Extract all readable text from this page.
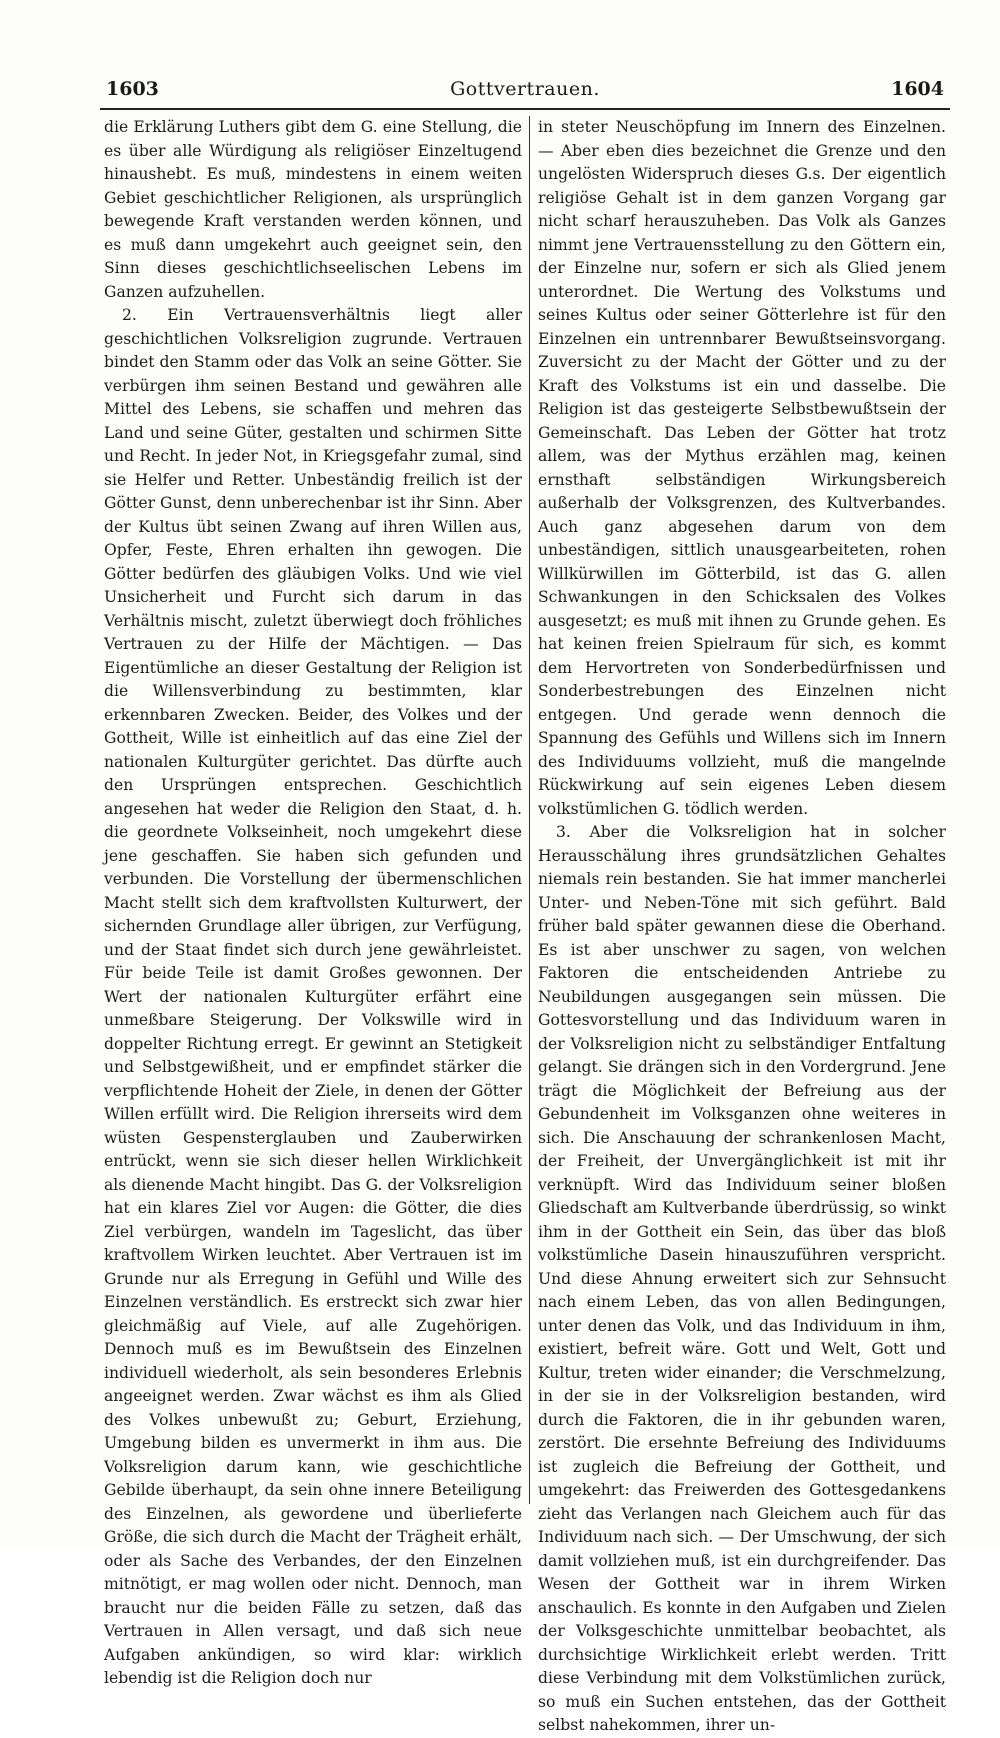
1603	Gottvertrauen.	1604

die Erklärung Luthers gibt dem G. eine Stellung, die es über alle Würdigung als religiöser Einzeltugend hinaushebt. Es muß, mindestens in einem weiten Gebiet geschichtlicher Religionen, als ursprünglich bewegende Kraft verstanden werden können, und es muß dann umgekehrt auch geeignet sein, den Sinn dieses geschichtlichseelischen Lebens im Ganzen aufzuhellen.

2. Ein Vertrauensverhältnis liegt aller geschichtlichen Volksreligion zugrunde. Vertrauen bindet den Stamm oder das Volk an seine Götter. Sie verbürgen ihm seinen Bestand und gewähren alle Mittel des Lebens, sie schaffen und mehren das Land und seine Güter, gestalten und schirmen Sitte und Recht. In jeder Not, in Kriegsgefahr zumal, sind sie Helfer und Retter. Unbeständig freilich ist der Götter Gunst, denn unberechenbar ist ihr Sinn. Aber der Kultus übt seinen Zwang auf ihren Willen aus, Opfer, Feste, Ehren erhalten ihn gewogen. Die Götter bedürfen des gläubigen Volks. Und wie viel Unsicherheit und Furcht sich darum in das Verhältnis mischt, zuletzt überwiegt doch fröhliches Vertrauen zu der Hilfe der Mächtigen. — Das Eigentümliche an dieser Gestaltung der Religion ist die Willensverbindung zu bestimmten, klar erkennbaren Zwecken. Beider, des Volkes und der Gottheit, Wille ist einheitlich auf das eine Ziel der nationalen Kulturgüter gerichtet. Das dürfte auch den Ursprüngen entsprechen. Geschichtlich angesehen hat weder die Religion den Staat, d. h. die geordnete Volkseinheit, noch umgekehrt diese jene geschaffen. Sie haben sich gefunden und verbunden. Die Vorstellung der übermenschlichen Macht stellt sich dem kraftvollsten Kulturwert, der sichernden Grundlage aller übrigen, zur Verfügung, und der Staat findet sich durch jene gewährleistet. Für beide Teile ist damit Großes gewonnen. Der Wert der nationalen Kulturgüter erfährt eine unmeßbare Steigerung. Der Volkswille wird in doppelter Richtung erregt. Er gewinnt an Stetigkeit und Selbstgewißheit, und er empfindet stärker die verpflichtende Hoheit der Ziele, in denen der Götter Willen erfüllt wird. Die Religion ihrerseits wird dem wüsten Gespensterglauben und Zauberwirken entrückt, wenn sie sich dieser hellen Wirklichkeit als dienende Macht hingibt. Das G. der Volksreligion hat ein klares Ziel vor Augen: die Götter, die dies Ziel verbürgen, wandeln im Tageslicht, das über kraftvollem Wirken leuchtet. Aber Vertrauen ist im Grunde nur als Erregung in Gefühl und Wille des Einzelnen verständlich. Es erstreckt sich zwar hier gleichmäßig auf Viele, auf alle Zugehörigen. Dennoch muß es im Bewußtsein des Einzelnen individuell wiederholt, als sein besonderes Erlebnis angeeignet werden. Zwar wächst es ihm als Glied des Volkes unbewußt zu; Geburt, Erziehung, Umgebung bilden es unvermerkt in ihm aus. Die Volksreligion darum kann, wie geschichtliche Gebilde überhaupt, da sein ohne innere Beteiligung des Einzelnen, als gewordene und überlieferte Größe, die sich durch die Macht der Trägheit erhält, oder als Sache des Verbandes, der den Einzelnen mitnötigt, er mag wollen oder nicht. Dennoch, man braucht nur die beiden Fälle zu setzen, daß das Vertrauen in Allen versagt, und daß sich neue Aufgaben ankündigen, so wird klar: wirklich lebendig ist die Religion doch nur

in steter Neuschöpfung im Innern des Einzelnen. — Aber eben dies bezeichnet die Grenze und den ungelösten Widerspruch dieses G.s. Der eigentlich religiöse Gehalt ist in dem ganzen Vorgang gar nicht scharf herauszuheben. Das Volk als Ganzes nimmt jene Vertrauensstellung zu den Göttern ein, der Einzelne nur, sofern er sich als Glied jenem unterordnet. Die Wertung des Volkstums und seines Kultus oder seiner Götterlehre ist für den Einzelnen ein untrennbarer Bewußtseinsvorgang. Zuversicht zu der Macht der Götter und zu der Kraft des Volkstums ist ein und dasselbe. Die Religion ist das gesteigerte Selbstbewußtsein der Gemeinschaft. Das Leben der Götter hat trotz allem, was der Mythus erzählen mag, keinen ernsthaft selbständigen Wirkungsbereich außerhalb der Volksgrenzen, des Kultverbandes. Auch ganz abgesehen darum von dem unbeständigen, sittlich unausgearbeiteten, rohen Willkürwillen im Götterbild, ist das G. allen Schwankungen in den Schicksalen des Volkes ausgesetzt; es muß mit ihnen zu Grunde gehen. Es hat keinen freien Spielraum für sich, es kommt dem Hervortreten von Sonderbedürfnissen und Sonderbestrebungen des Einzelnen nicht entgegen. Und gerade wenn dennoch die Spannung des Gefühls und Willens sich im Innern des Individuums vollzieht, muß die mangelnde Rückwirkung auf sein eigenes Leben diesem volkstümlichen G. tödlich werden.

3. Aber die Volksreligion hat in solcher Herausschälung ihres grundsätzlichen Gehaltes niemals rein bestanden. Sie hat immer mancherlei Unter- und Neben-Töne mit sich geführt. Bald früher bald später gewannen diese die Oberhand. Es ist aber unschwer zu sagen, von welchen Faktoren die entscheidenden Antriebe zu Neubildungen ausgegangen sein müssen. Die Gottesvorstellung und das Individuum waren in der Volksreligion nicht zu selbständiger Entfaltung gelangt. Sie drängen sich in den Vordergrund. Jene trägt die Möglichkeit der Befreiung aus der Gebundenheit im Volksganzen ohne weiteres in sich. Die Anschauung der schrankenlosen Macht, der Freiheit, der Unvergänglichkeit ist mit ihr verknüpft. Wird das Individuum seiner bloßen Gliedschaft am Kultverbande überdrüssig, so winkt ihm in der Gottheit ein Sein, das über das bloß volkstümliche Dasein hinauszuführen verspricht. Und diese Ahnung erweitert sich zur Sehnsucht nach einem Leben, das von allen Bedingungen, unter denen das Volk, und das Individuum in ihm, existiert, befreit wäre. Gott und Welt, Gott und Kultur, treten wider einander; die Verschmelzung, in der sie in der Volksreligion bestanden, wird durch die Faktoren, die in ihr gebunden waren, zerstört. Die ersehnte Befreiung des Individuums ist zugleich die Befreiung der Gottheit, und umgekehrt: das Freiwerden des Gottesgedankens zieht das Verlangen nach Gleichem auch für das Individuum nach sich. — Der Umschwung, der sich damit vollziehen muß, ist ein durchgreifender. Das Wesen der Gottheit war in ihrem Wirken anschaulich. Es konnte in den Aufgaben und Zielen der Volksgeschichte unmittelbar beobachtet, als durchsichtige Wirklichkeit erlebt werden. Tritt diese Verbindung mit dem Volkstümlichen zurück, so muß ein Suchen entstehen, das der Gottheit selbst nahekommen, ihrer un-
